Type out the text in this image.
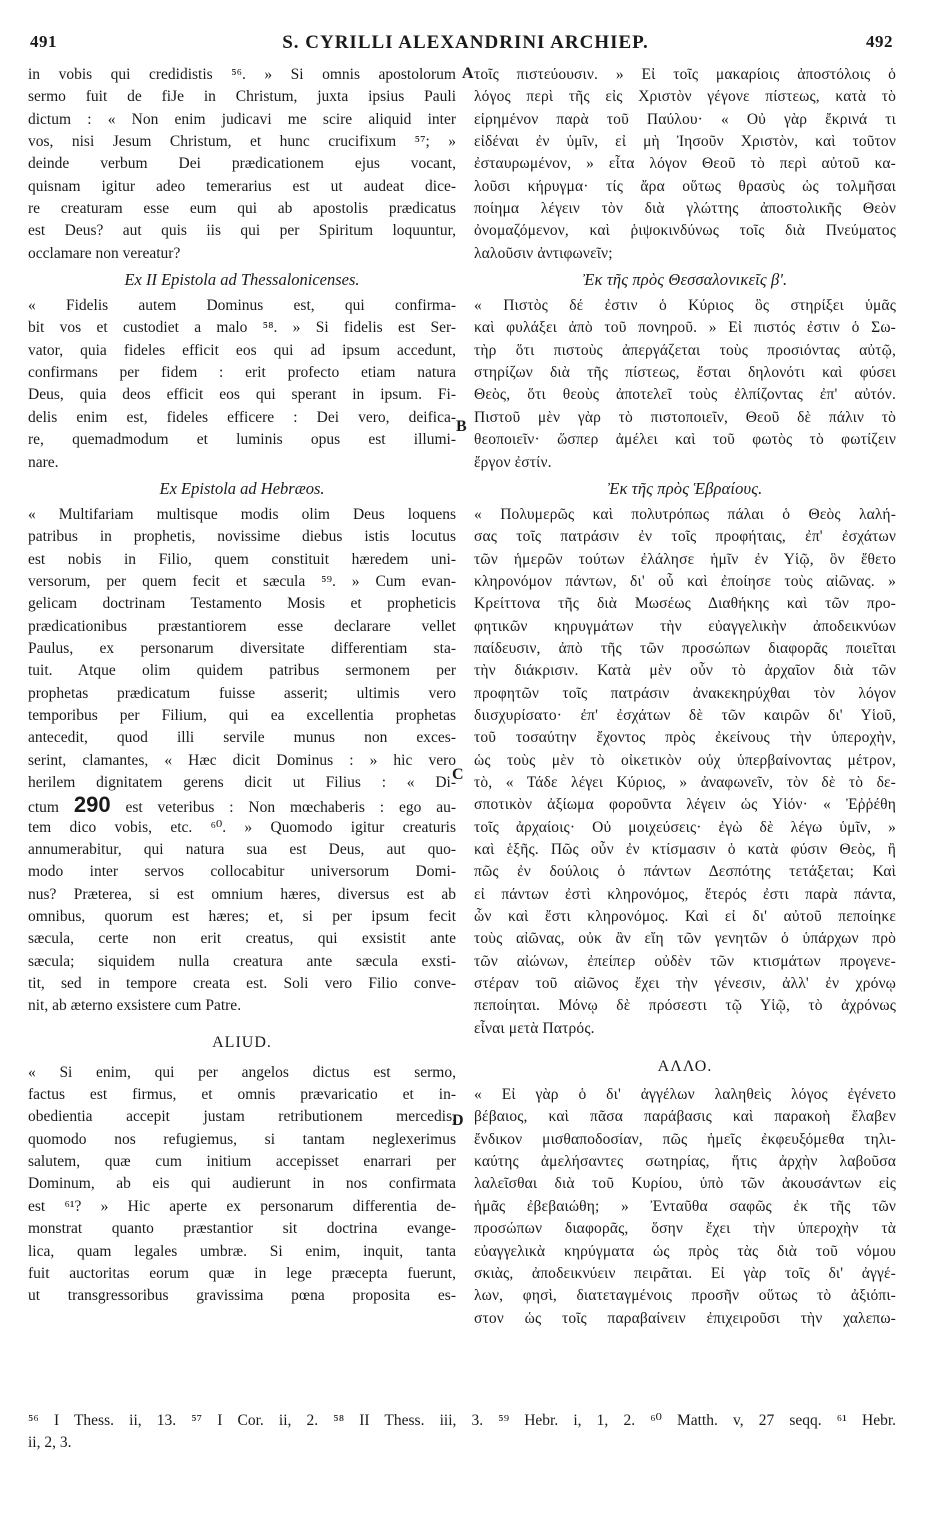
491	S. CYRILLI ALEXANDRINI ARCHIEP.	492
A
B
C
D
in vobis qui credidistis ⁵⁶. » Si omnis apostolorum
sermo fuit de fiJe in Christum, juxta ipsius Pauli
dictum : « Non enim judicavi me scire aliquid inter
vos, nisi Jesum Christum, et hunc crucifixum ⁵⁷; »
deinde verbum Dei prædicationem ejus vocant,
quisnam igitur adeo temerarius est ut audeat dice-
re creaturam esse eum qui ab apostolis prædicatus
est Deus? aut quis iis qui per Spiritum loquuntur,
occlamare non vereatur?
Ex II Epistola ad Thessalonicenses.
« Fidelis autem Dominus est, qui confirma-
bit vos et custodiet a malo ⁵⁸. » Si fidelis est Ser-
vator, quia fideles efficit eos qui ad ipsum accedunt,
confirmans per fidem : erit profecto etiam natura
Deus, quia deos efficit eos qui sperant in ipsum. Fi-
delis enim est, fideles efficere : Dei vero, deifica-
re, quemadmodum et luminis opus est illumi-
nare.
Ex Epistola ad Hebræos.
« Multifariam multisque modis olim Deus loquens
patribus in prophetis, novissime diebus istis locutus
est nobis in Filio, quem constituit hæredem uni-
versorum, per quem fecit et sæcula ⁵⁹. » Cum evan-
gelicam doctrinam Testamento Mosis et propheticis
prædicationibus præstantiorem esse declarare vellet
Paulus, ex personarum diversitate differentiam sta-
tuit. Atque olim quidem patribus sermonem per
prophetas prædicatum fuisse asserit; ultimis vero
temporibus per Filium, qui ea excellentia prophetas
antecedit, quod illi servile munus non exces-
serint, clamantes, « Hæc dicit Dominus : » hic vero
herilem dignitatem gerens dicit ut Filius : « Di-
ctum 290 est veteribus : Non mœchaberis : ego au-
tem dico vobis, etc. ⁶⁰. » Quomodo igitur creaturis
annumerabitur, qui natura sua est Deus, aut quo-
modo inter servos collocabitur universorum Domi-
nus? Præterea, si est omnium hæres, diversus est ab
omnibus, quorum est hæres; et, si per ipsum fecit
sæcula, certe non erit creatus, qui exsistit ante
sæcula; siquidem nulla creatura ante sæcula exsti-
tit, sed in tempore creata est. Soli vero Filio conve-
nit, ab æterno exsistere cum Patre.
ALIUD.
« Si enim, qui per angelos dictus est sermo,
factus est firmus, et omnis prævaricatio et in-
obedientia accepit justam retributionem mercedis,
quomodo nos refugiemus, si tantam neglexerimus
salutem, quæ cum initium accepisset enarrari per
Dominum, ab eis qui audierunt in nos confirmata
est ⁶¹? » Hic aperte ex personarum differentia de-
monstrat quanto præstantior sit doctrina evange-
lica, quam legales umbræ. Si enim, inquit, tanta
fuit auctoritas eorum quæ in lege præcepta fuerunt,
ut transgressoribus gravissima pœna proposita es-
τοῖς πιστεύουσιν. » Εἰ τοῖς μακαρίοις ἀποστόλοις ὁ
λόγος περὶ τῆς εἰς Χριστὸν γέγονε πίστεως, κατὰ τὸ
εἰρημένον παρὰ τοῦ Παύλου· « Οὐ γὰρ ἔκρινά τι
εἰδέναι ἐν ὑμῖν, εἰ μὴ Ἰησοῦν Χριστὸν, καὶ τοῦτον
ἐσταυρωμένον, » εἶτα λόγον Θεοῦ τὸ περὶ αὐτοῦ κα-
λοῦσι κήρυγμα· τίς ἄρα οὕτως θρασὺς ὡς τολμῆσαι
ποίημα λέγειν τὸν διὰ γλώττης ἀποστολικῆς Θεὸν
ὀνομαζόμενον, καὶ ῥιψοκινδύνως τοῖς διὰ Πνεύματος
λαλοῦσιν ἀντιφωνεῖν;
Ἐκ τῆς πρὸς Θεσσαλονικεῖς β'.
« Πιστὸς δέ ἐστιν ὁ Κύριος ὃς στηρίξει ὑμᾶς
καὶ φυλάξει ἀπὸ τοῦ πονηροῦ. » Εἰ πιστός ἐστιν ὁ Σω-
τὴρ ὅτι πιστοὺς ἀπεργάζεται τοὺς προσιόντας αὐτῷ,
στηρίζων διὰ τῆς πίστεως, ἔσται δηλονότι καὶ φύσει
Θεὸς, ὅτι θεοὺς ἀποτελεῖ τοὺς ἐλπίζοντας ἐπ' αὐτόν.
Πιστοῦ μὲν γὰρ τὸ πιστοποιεῖν, Θεοῦ δὲ πάλιν τὸ
θεοποιεῖν· ὥσπερ ἀμέλει καὶ τοῦ φωτὸς τὸ φωτίζειν
ἔργον ἐστίν.
Ἐκ τῆς πρὸς Ἑβραίους.
« Πολυμερῶς καὶ πολυτρόπως πάλαι ὁ Θεὸς λαλή-
σας τοῖς πατράσιν ἐν τοῖς προφήταις, ἐπ' ἐσχάτων
τῶν ἡμερῶν τούτων ἐλάλησε ἡμῖν ἐν Υἱῷ, ὃν ἔθετο
κληρονόμον πάντων, δι' οὗ καὶ ἐποίησε τοὺς αἰῶνας. »
Κρείττονα τῆς διὰ Μωσέως Διαθήκης καὶ τῶν προ-
φητικῶν κηρυγμάτων τὴν εὐαγγελικὴν ἀποδεικνύων
παίδευσιν, ἀπὸ τῆς τῶν προσώπων διαφορᾶς ποιεῖται
τὴν διάκρισιν. Κατὰ μὲν οὖν τὸ ἀρχαῖον διὰ τῶν
προφητῶν τοῖς πατράσιν ἀνακεκηρύχθαι τὸν λόγον
διισχυρίσατο· ἐπ' ἐσχάτων δὲ τῶν καιρῶν δι' Υἱοῦ,
τοῦ τοσαύτην ἔχοντος πρὸς ἐκείνους τὴν ὑπεροχὴν,
ὡς τοὺς μὲν τὸ οἰκετικὸν οὐχ ὑπερβαίνοντας μέτρον,
τὸ, « Τάδε λέγει Κύριος, » ἀναφωνεῖν, τὸν δὲ τὸ δε-
σποτικὸν ἀξίωμα φοροῦντα λέγειν ὡς Υἱόν· « Ἐῤῥέθη
τοῖς ἀρχαίοις· Οὐ μοιχεύσεις· ἐγὼ δὲ λέγω ὑμῖν, »
καὶ ἑξῆς. Πῶς οὖν ἐν κτίσμασιν ὁ κατὰ φύσιν Θεὸς, ἢ
πῶς ἐν δούλοις ὁ πάντων Δεσπότης τετάξεται; Καὶ
εἰ πάντων ἐστὶ κληρονόμος, ἕτερός ἐστι παρὰ πάντα,
ὧν καὶ ἔστι κληρονόμος. Καὶ εἰ δι' αὐτοῦ πεποίηκε
τοὺς αἰῶνας, οὐκ ἂν εἴη τῶν γενητῶν ὁ ὑπάρχων πρὸ
τῶν αἰώνων, ἐπείπερ οὐδὲν τῶν κτισμάτων προγενε-
στέραν τοῦ αἰῶνος ἔχει τὴν γένεσιν, ἀλλ' ἐν χρόνῳ
πεποίηται. Μόνῳ δὲ πρόσεστι τῷ Υἱῷ, τὸ ἀχρόνως
εἶναι μετὰ Πατρός.
ΑΛΛΟ.
« Εἰ γὰρ ὁ δι' ἀγγέλων λαληθεὶς λόγος ἐγένετο
βέβαιος, καὶ πᾶσα παράβασις καὶ παρακοὴ ἔλαβεν
ἔνδικον μισθαποδοσίαν, πῶς ἡμεῖς ἐκφευξόμεθα τηλι-
καύτης ἀμελήσαντες σωτηρίας, ἥτις ἀρχὴν λαβοῦσα
λαλεῖσθαι διὰ τοῦ Κυρίου, ὑπὸ τῶν ἀκουσάντων εἰς
ἡμᾶς ἐβεβαιώθη; » Ἐνταῦθα σαφῶς ἐκ τῆς τῶν
προσώπων διαφορᾶς, ὅσην ἔχει τὴν ὑπεροχὴν τὰ
εὐαγγελικὰ κηρύγματα ὡς πρὸς τὰς διὰ τοῦ νόμου
σκιὰς, ἀποδεικνύειν πειρᾶται. Εἰ γὰρ τοῖς δι' ἀγγέ-
λων, φησὶ, διατεταγμένοις προσῆν οὕτως τὸ ἀξιόπι-
στον ὡς τοῖς παραβαίνειν ἐπιχειροῦσι τὴν χαλεπω-
⁵⁶ I Thess. ii, 13. ⁵⁷ I Cor. ii, 2. ⁵⁸ II Thess. iii, 3. ⁵⁹ Hebr. i, 1, 2. ⁶⁰ Matth. v, 27 seqq. ⁶¹ Hebr.
ii, 2, 3.
